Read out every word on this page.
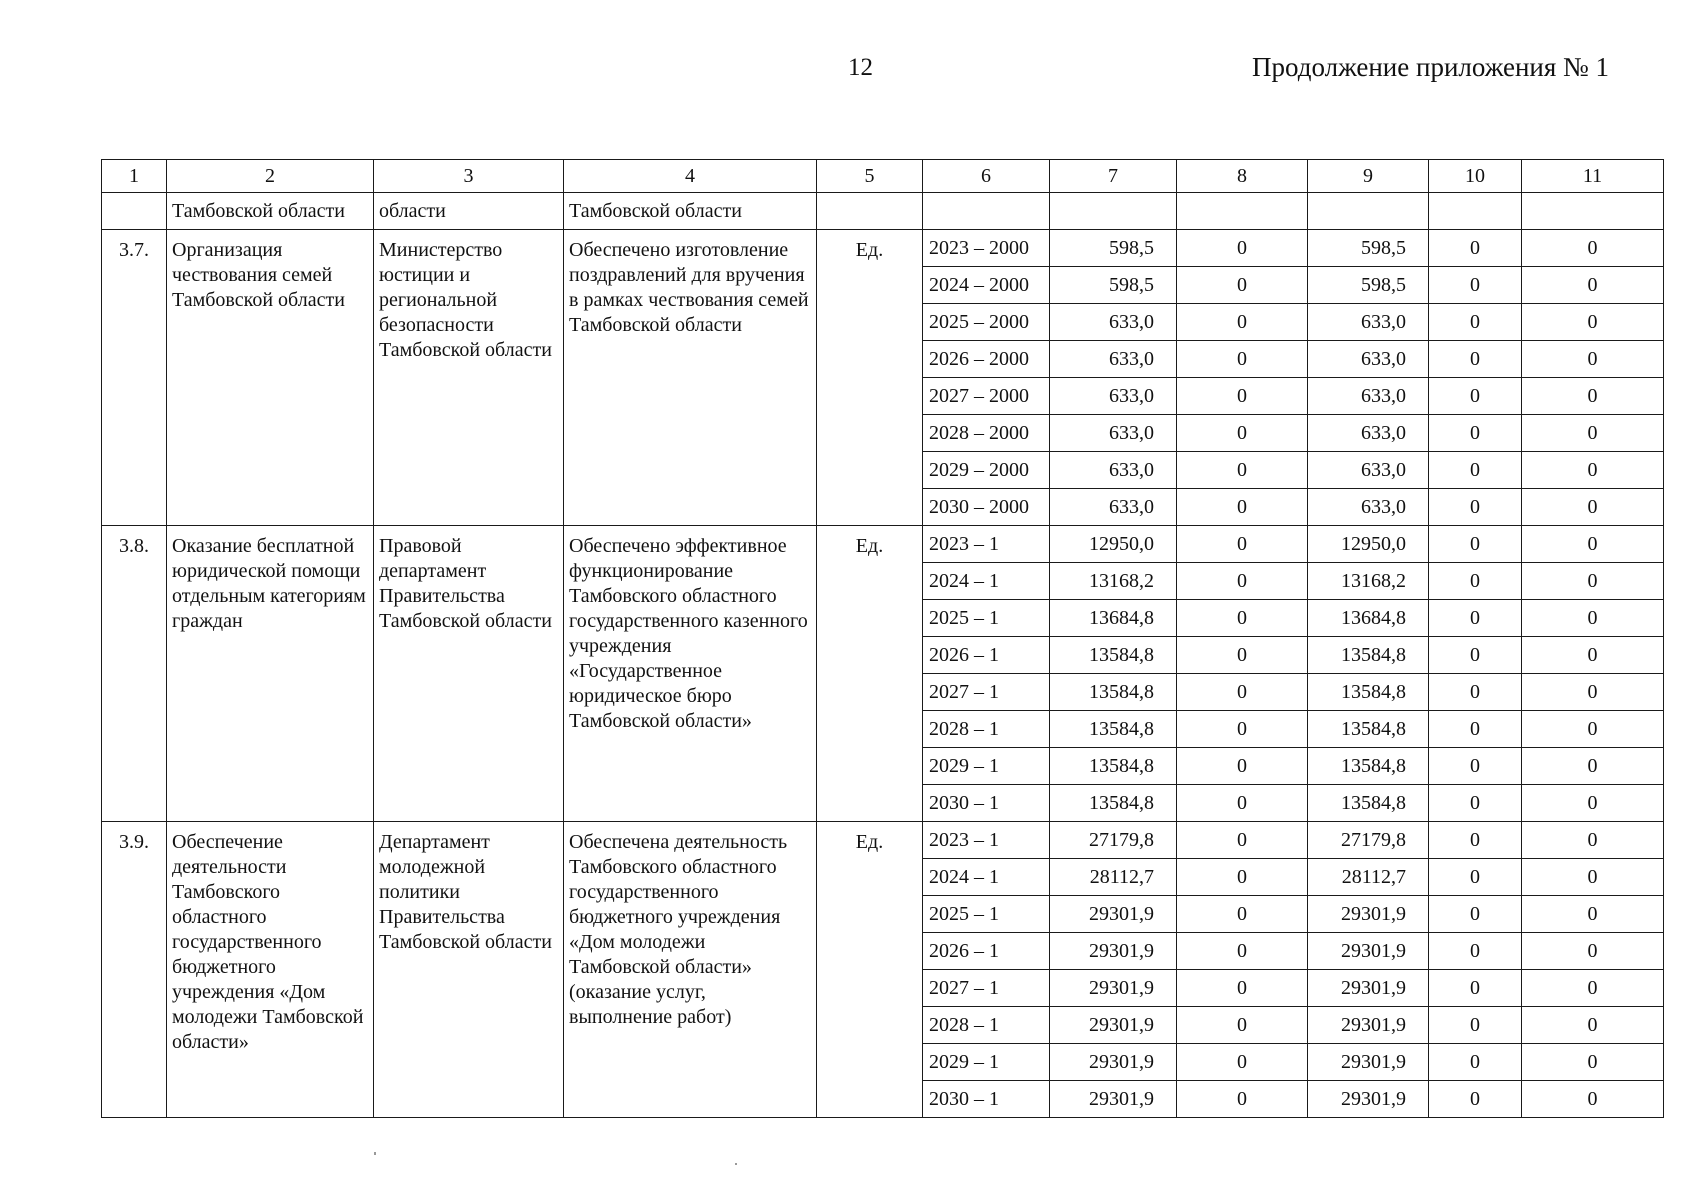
12	Продолжение приложения № 1
1	2	3	4	5	6	7	8	9	10	11
	Тамбовской области	области	Тамбовской области							
3.7.	Организация чествования семей Тамбовской области	Министерство юстиции и региональной безопасности Тамбовской области	Обеспечено изготовление поздравлений для вручения в рамках чествования семей Тамбовской области	Ед.	2023 – 2000	598,5	0	598,5	0	0
					2024 – 2000	598,5	0	598,5	0	0
					2025 – 2000	633,0	0	633,0	0	0
					2026 – 2000	633,0	0	633,0	0	0
					2027 – 2000	633,0	0	633,0	0	0
					2028 – 2000	633,0	0	633,0	0	0
					2029 – 2000	633,0	0	633,0	0	0
					2030 – 2000	633,0	0	633,0	0	0
3.8.	Оказание бесплатной юридической помощи отдельным категориям граждан	Правовой департамент Правительства Тамбовской области	Обеспечено эффективное функционирование Тамбовского областного государственного казенного учреждения «Государственное юридическое бюро Тамбовской области»	Ед.	2023 – 1	12950,0	0	12950,0	0	0
					2024 – 1	13168,2	0	13168,2	0	0
					2025 – 1	13684,8	0	13684,8	0	0
					2026 – 1	13584,8	0	13584,8	0	0
					2027 – 1	13584,8	0	13584,8	0	0
					2028 – 1	13584,8	0	13584,8	0	0
					2029 – 1	13584,8	0	13584,8	0	0
					2030 – 1	13584,8	0	13584,8	0	0
3.9.	Обеспечение деятельности Тамбовского областного государственного бюджетного учреждения «Дом молодежи Тамбовской области»	Департамент молодежной политики Правительства Тамбовской области	Обеспечена деятельность Тамбовского областного государственного бюджетного учреждения «Дом молодежи Тамбовской области» (оказание услуг, выполнение работ)	Ед.	2023 – 1	27179,8	0	27179,8	0	0
					2024 – 1	28112,7	0	28112,7	0	0
					2025 – 1	29301,9	0	29301,9	0	0
					2026 – 1	29301,9	0	29301,9	0	0
					2027 – 1	29301,9	0	29301,9	0	0
					2028 – 1	29301,9	0	29301,9	0	0
					2029 – 1	29301,9	0	29301,9	0	0
					2030 – 1	29301,9	0	29301,9	0	0
